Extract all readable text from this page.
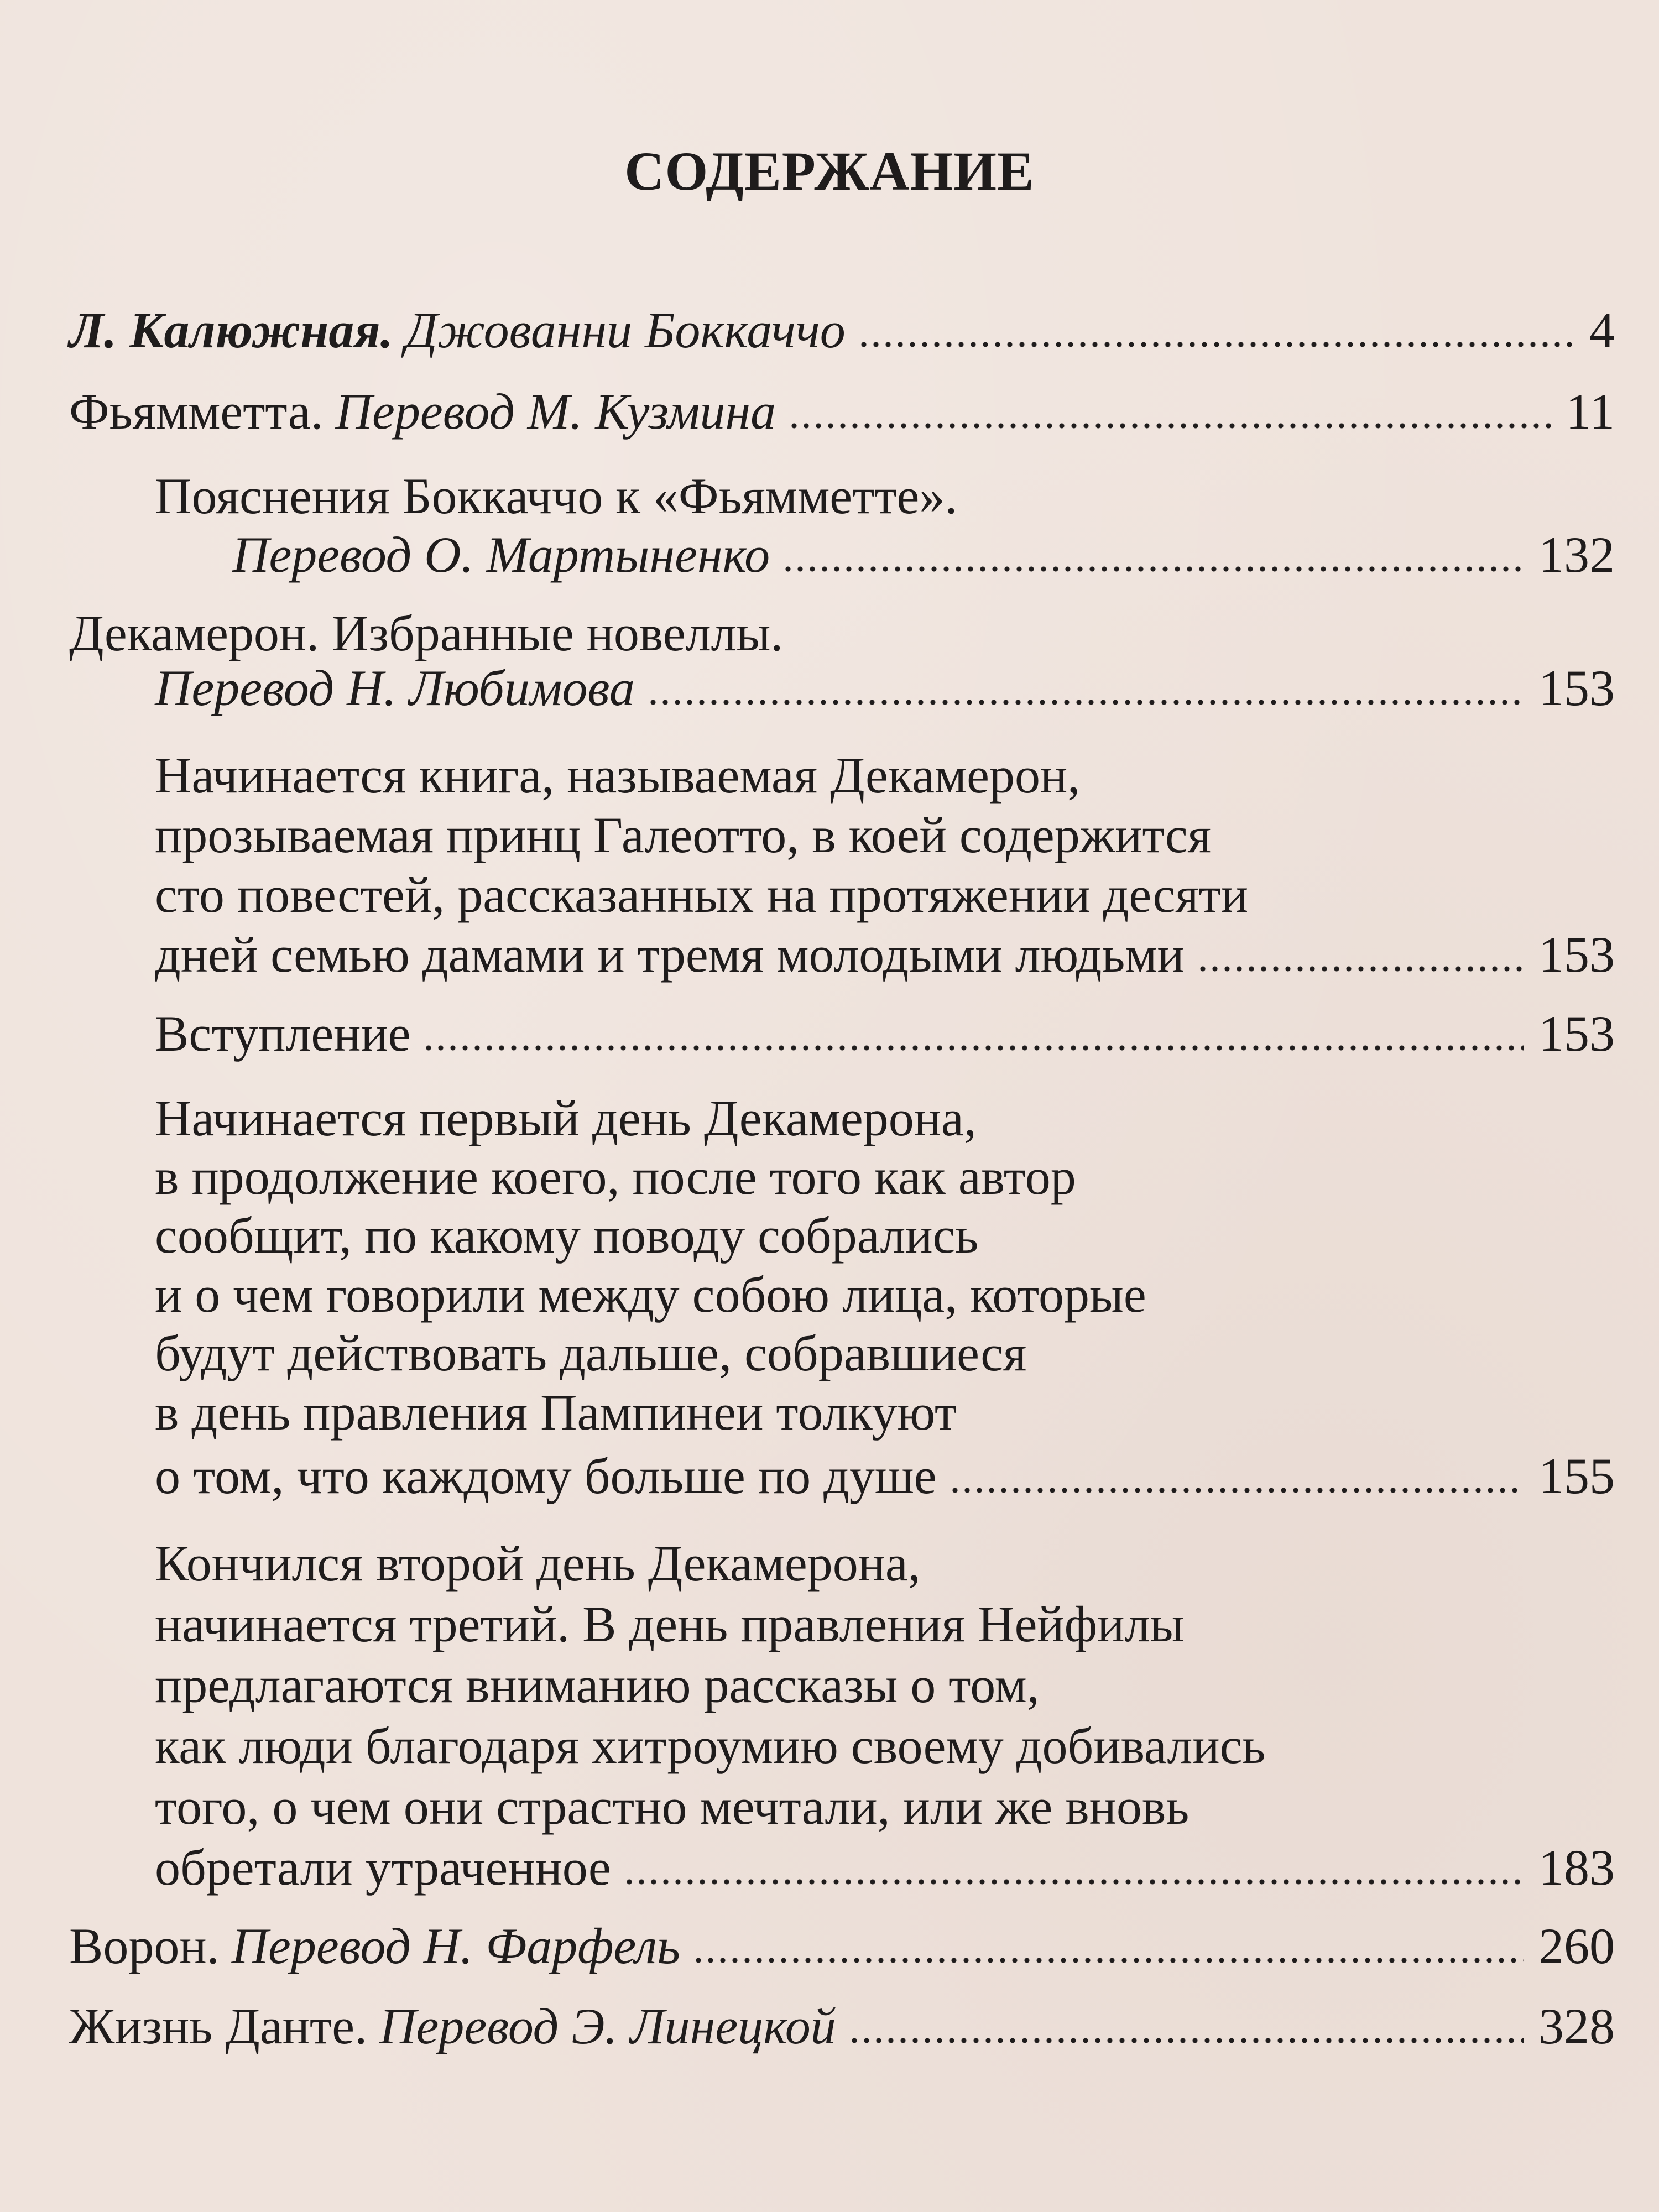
СОДЕРЖАНИЕ
Л. Калюжная. Джованни Боккаччо	4
Фьямметта. Перевод М. Кузмина	11
Пояснения Боккаччо к «Фьямметте».
Перевод О. Мартыненко	132
Декамерон. Избранные новеллы.
Перевод Н. Любимова	153
Начинается книга, называемая Декамерон,
прозываемая принц Галеотто, в коей содержится
сто повестей, рассказанных на протяжении десяти
дней семью дамами и тремя молодыми людьми	153
Вступление	153
Начинается первый день Декамерона,
в продолжение коего, после того как автор
сообщит, по какому поводу собрались
и о чем говорили между собою лица, которые
будут действовать дальше, собравшиеся
в день правления Пампинеи толкуют
о том, что каждому больше по душе	155
Кончился второй день Декамерона,
начинается третий. В день правления Нейфилы
предлагаются вниманию рассказы о том,
как люди благодаря хитроумию своему добивались
того, о чем они страстно мечтали, или же вновь
обретали утраченное	183
Ворон. Перевод Н. Фарфель	260
Жизнь Данте. Перевод Э. Линецкой	328
